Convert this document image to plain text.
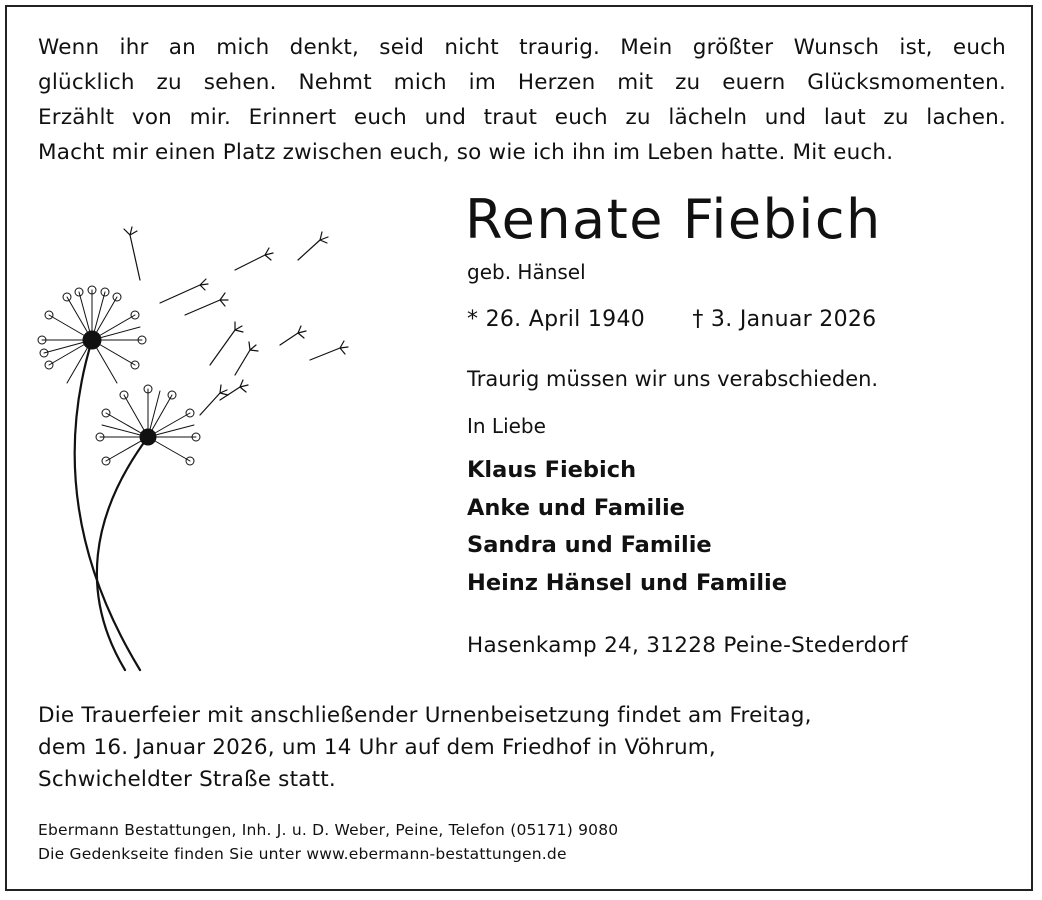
Wenn ihr an mich denkt, seid nicht traurig. Mein größter Wunsch ist, euch
glücklich zu sehen. Nehmt mich im Herzen mit zu euern Glücksmomenten.
Erzählt von mir. Erinnert euch und traut euch zu lächeln und laut zu lachen.
Macht mir einen Platz zwischen euch, so wie ich ihn im Leben hatte. Mit euch.
Renate Fiebich
geb. Hänsel
* 26. April 1940 † 3. Januar 2026
Traurig müssen wir uns verabschieden.
In Liebe
Klaus Fiebich
Anke und Familie
Sandra und Familie
Heinz Hänsel und Familie
Hasenkamp 24, 31228 Peine-Stederdorf
Die Trauerfeier mit anschließender Urnenbeisetzung findet am Freitag,
dem 16. Januar 2026, um 14 Uhr auf dem Friedhof in Vöhrum,
Schwicheldter Straße statt.
Ebermann Bestattungen, Inh. J. u. D. Weber, Peine, Telefon (05171) 9080
Die Gedenkseite finden Sie unter www.ebermann-bestattungen.de
